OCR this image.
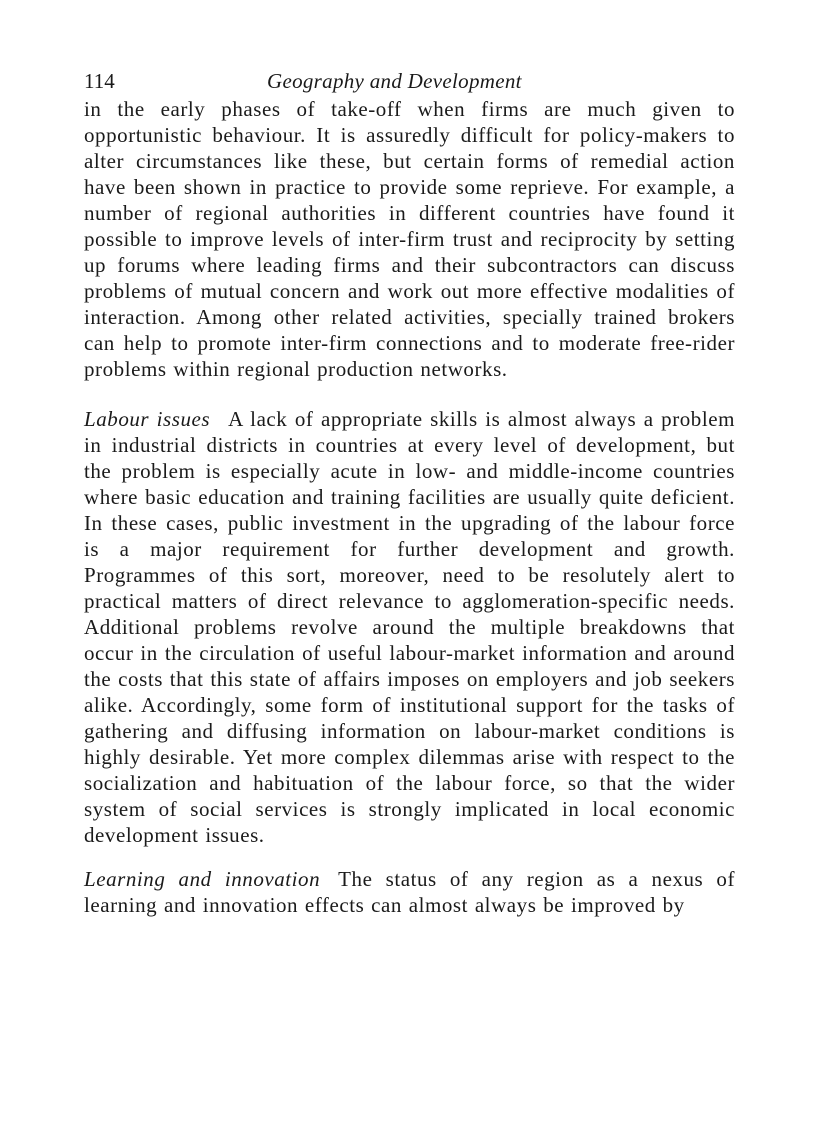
114	Geography and Development

in the early phases of take-off when firms are much given to opportunistic behaviour. It is assuredly difficult for policy-makers to alter circumstances like these, but certain forms of remedial action have been shown in practice to provide some reprieve. For example, a number of regional authorities in different countries have found it possible to improve levels of inter-firm trust and reciprocity by setting up forums where leading firms and their subcontractors can discuss problems of mutual concern and work out more effective modalities of interaction. Among other related activities, specially trained brokers can help to promote inter-firm connections and to moderate free-rider problems within regional production networks.

Labour issues A lack of appropriate skills is almost always a problem in industrial districts in countries at every level of development, but the problem is especially acute in low- and middle-income countries where basic education and training facilities are usually quite deficient. In these cases, public investment in the upgrading of the labour force is a major requirement for further development and growth. Programmes of this sort, moreover, need to be resolutely alert to practical matters of direct relevance to agglomeration-specific needs. Additional problems revolve around the multiple breakdowns that occur in the circulation of useful labour-market information and around the costs that this state of affairs imposes on employers and job seekers alike. Accordingly, some form of institutional support for the tasks of gathering and diffusing information on labour-market conditions is highly desirable. Yet more complex dilemmas arise with respect to the socialization and habituation of the labour force, so that the wider system of social services is strongly implicated in local economic development issues.

Learning and innovation The status of any region as a nexus of learning and innovation effects can almost always be improved by
